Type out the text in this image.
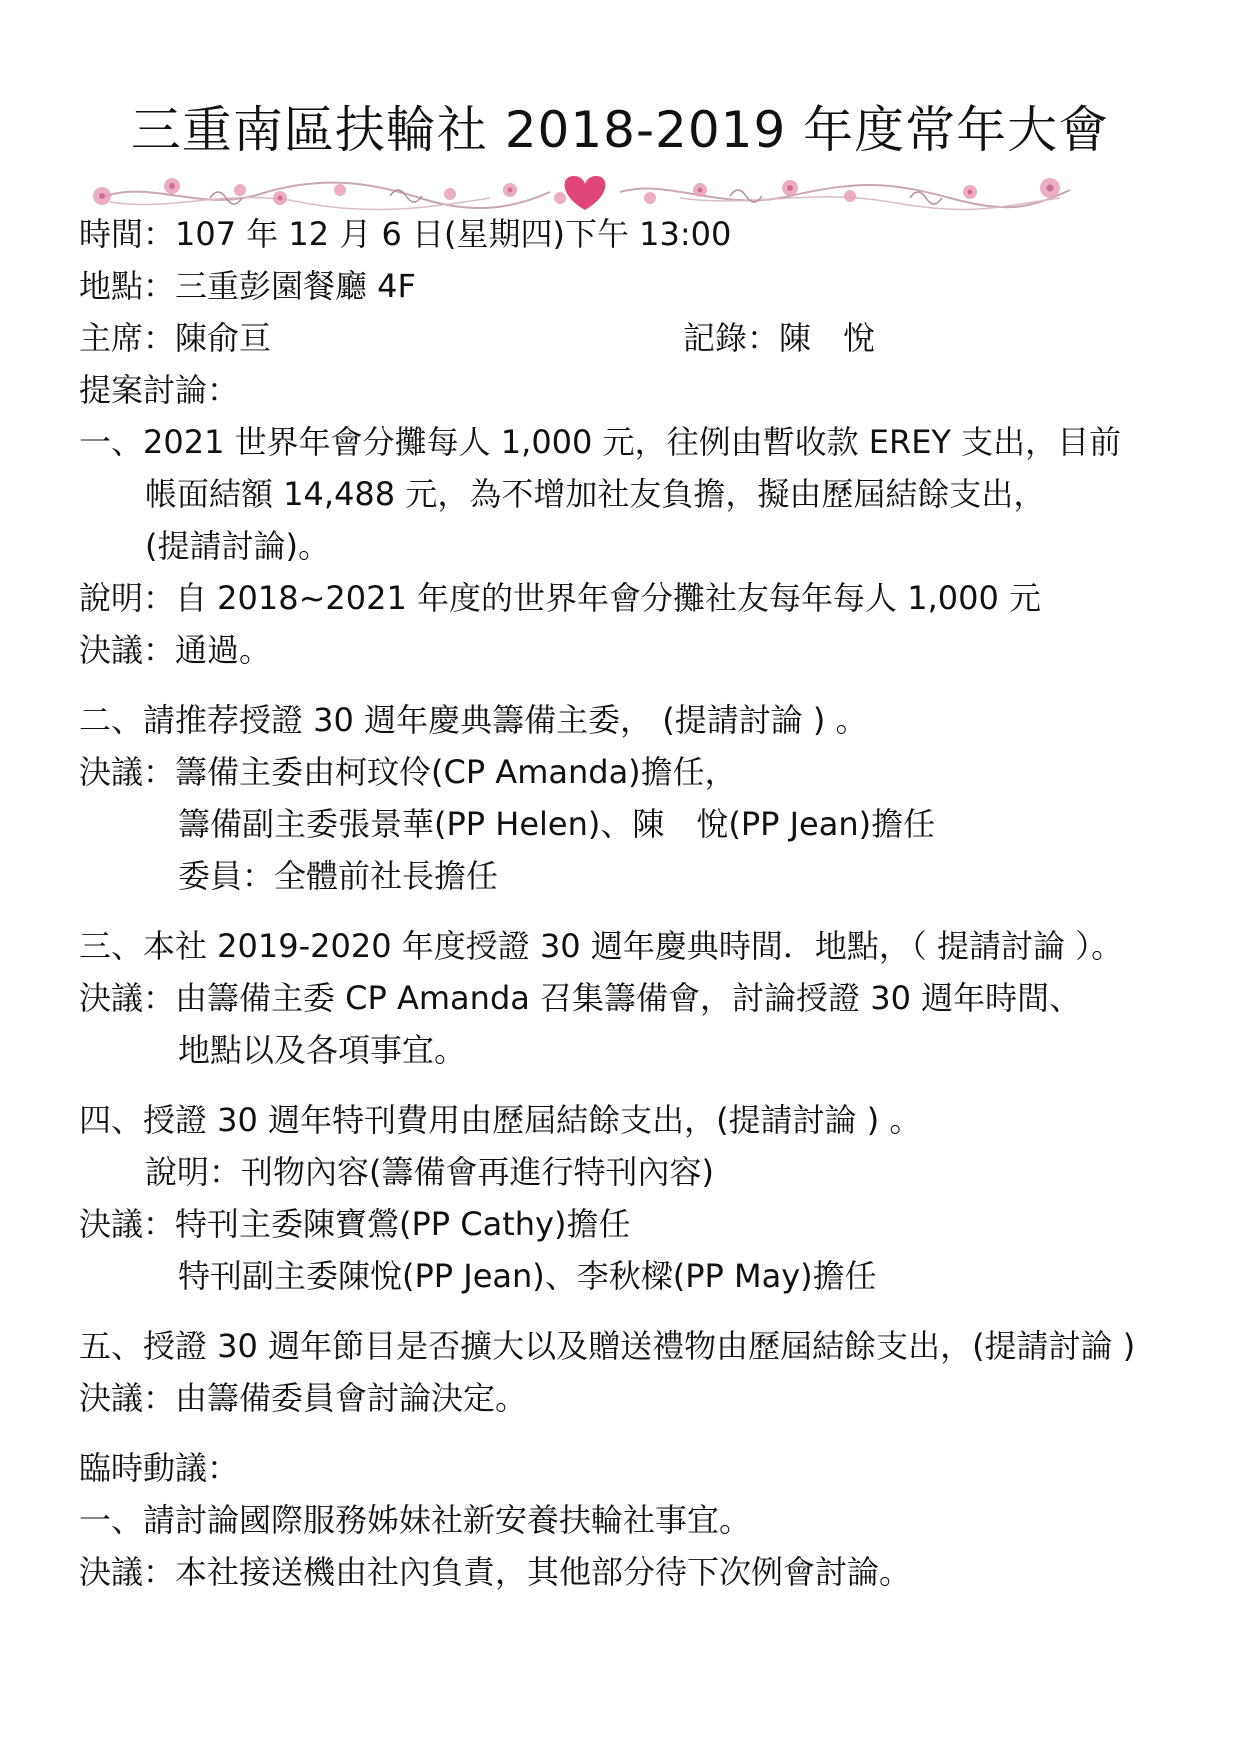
三重南區扶輪社 2018-2019 年度常年大會
時間：107 年 12 月 6 日(星期四)下午 13:00
地點：三重彭園餐廳 4F
主席：陳俞亘	記錄：陳　悅
提案討論：
一、2021 世界年會分攤每人 1,000 元，往例由暫收款 EREY 支出，目前
帳面結額 14,488 元，為不增加社友負擔，擬由歷屆結餘支出，
(提請討論)。
說明：自 2018~2021 年度的世界年會分攤社友每年每人 1,000 元
決議：通過。
二、請推荐授證 30 週年慶典籌備主委， (提請討論 ) 。
決議：籌備主委由柯玟伶(CP Amanda)擔任，
籌備副主委張景華(PP Helen)、陳　悅(PP Jean)擔任
委員：全體前社長擔任
三、本社 2019-2020 年度授證 30 週年慶典時間．地點，（ 提請討論 ）。
決議：由籌備主委 CP Amanda 召集籌備會，討論授證 30 週年時間、
地點以及各項事宜。
四、授證 30 週年特刊費用由歷屆結餘支出，(提請討論 ) 。
說明：刊物內容(籌備會再進行特刊內容)
決議：特刊主委陳寶鶯(PP Cathy)擔任
特刊副主委陳悅(PP Jean)、李秋樑(PP May)擔任
五、授證 30 週年節目是否擴大以及贈送禮物由歷屆結餘支出，(提請討論 )
決議：由籌備委員會討論決定。
臨時動議：
一、請討論國際服務姊妹社新安養扶輪社事宜。
決議：本社接送機由社內負責，其他部分待下次例會討論。
